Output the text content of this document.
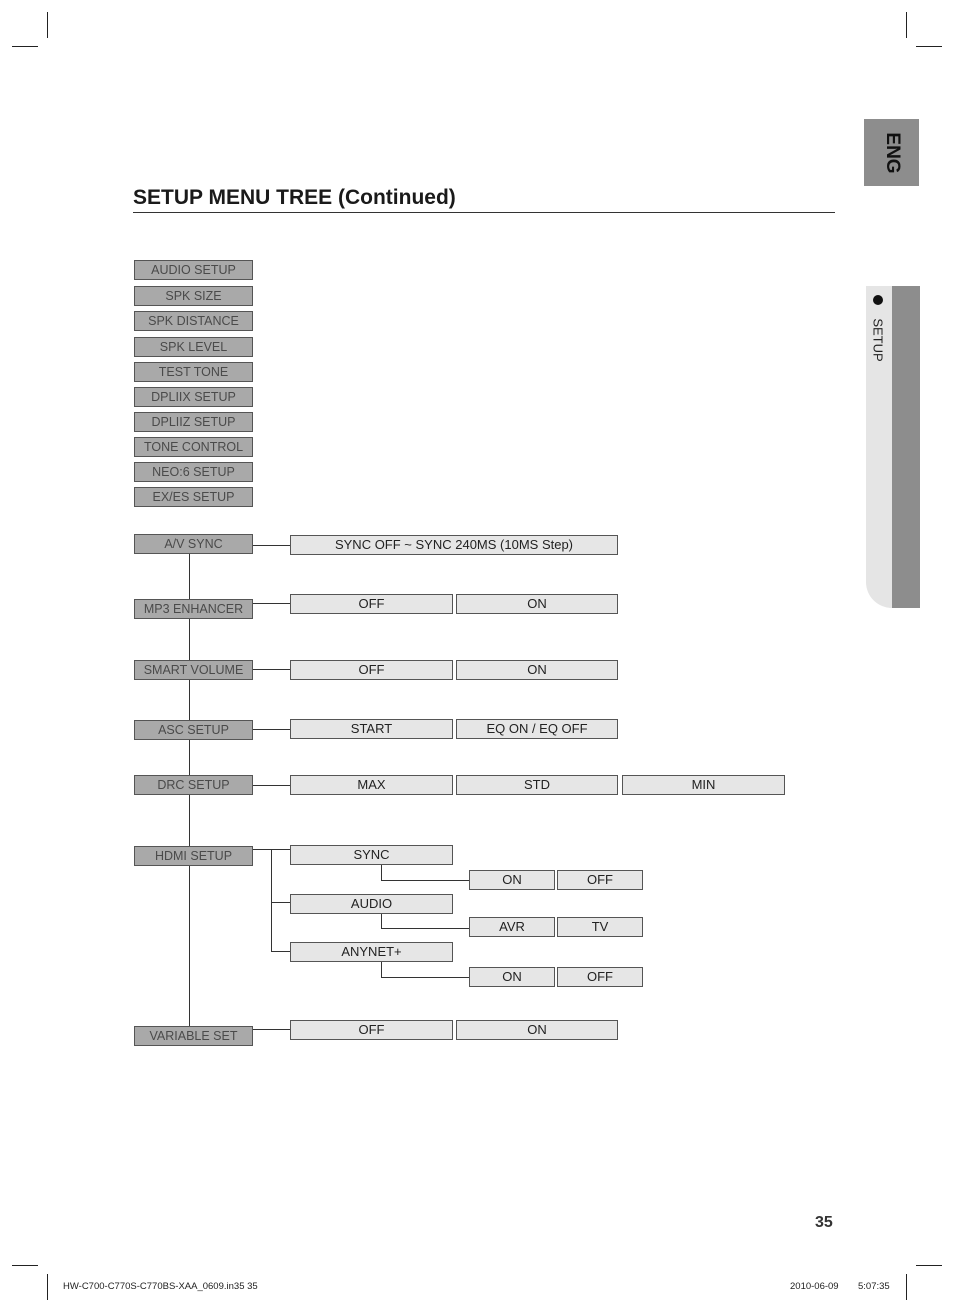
SETUP MENU TREE (Continued)
ENG
SETUP
AUDIO SETUP
SPK SIZE
SPK DISTANCE
SPK LEVEL
TEST TONE
DPLIIX SETUP
DPLIIZ SETUP
TONE CONTROL
NEO:6 SETUP
EX/ES SETUP
A/V SYNC	SYNC OFF ~ SYNC 240MS (10MS Step)
MP3 ENHANCER	OFF	ON
SMART VOLUME	OFF	ON
ASC SETUP	START	EQ ON / EQ OFF
DRC SETUP	MAX	STD	MIN
HDMI SETUP	SYNC
ON	OFF
AUDIO
AVR	TV
ANYNET+
ON	OFF
VARIABLE SET	OFF	ON
35
HW-C700-C770S-C770BS-XAA_0609.in35 35	2010-06-09 5:07:35
